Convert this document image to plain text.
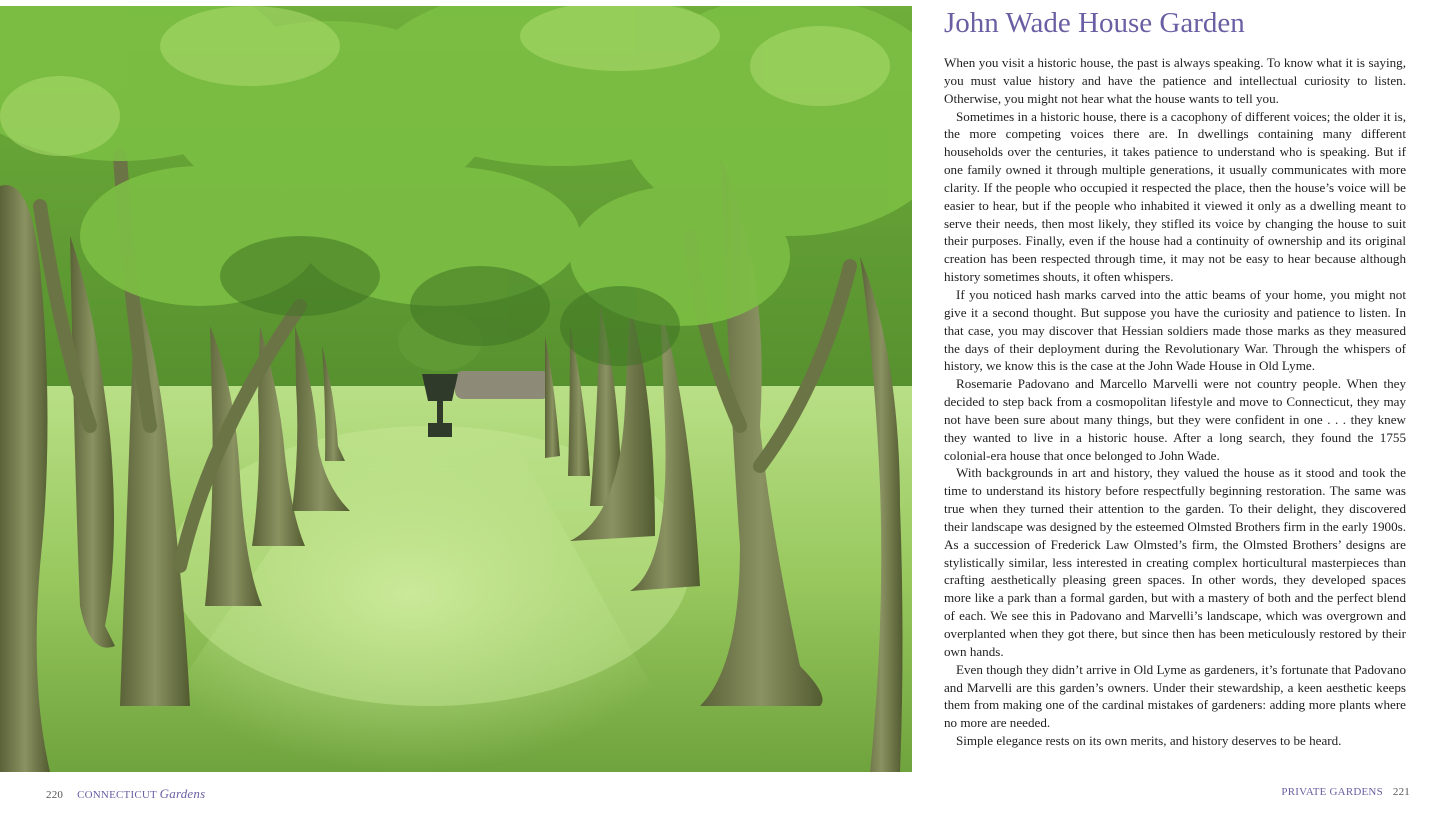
John Wade House Garden

When you visit a historic house, the past is always speaking. To know what it is saying, you must value history and have the patience and intellectual curiosity to listen. Otherwise, you might not hear what the house wants to tell you.

Sometimes in a historic house, there is a cacophony of different voices; the older it is, the more competing voices there are. In dwellings containing many different households over the centuries, it takes patience to understand who is speaking. But if one family owned it through multiple generations, it usually communicates with more clarity. If the people who occupied it respected the place, then the house’s voice will be easier to hear, but if the people who inhabited it viewed it only as a dwelling meant to serve their needs, then most likely, they stifled its voice by changing the house to suit their purposes. Finally, even if the house had a continuity of ownership and its original creation has been respected through time, it may not be easy to hear because although history sometimes shouts, it often whispers.

If you noticed hash marks carved into the attic beams of your home, you might not give it a second thought. But suppose you have the curiosity and patience to listen. In that case, you may discover that Hessian soldiers made those marks as they measured the days of their deployment during the Revolutionary War. Through the whispers of history, we know this is the case at the John Wade House in Old Lyme.

Rosemarie Padovano and Marcello Marvelli were not country people. When they decided to step back from a cosmopolitan lifestyle and move to Connecticut, they may not have been sure about many things, but they were confident in one . . . they knew they wanted to live in a historic house. After a long search, they found the 1755 colonial-era house that once belonged to John Wade.

With backgrounds in art and history, they valued the house as it stood and took the time to understand its history before respectfully beginning restoration. The same was true when they turned their attention to the garden. To their delight, they discovered their landscape was designed by the esteemed Olmsted Brothers firm in the early 1900s. As a succession of Frederick Law Olmsted’s firm, the Olmsted Brothers’ designs are stylistically similar, less interested in creating complex horticultural masterpieces than crafting aesthetically pleasing green spaces. In other words, they developed spaces more like a park than a formal garden, but with a mastery of both and the perfect blend of each. We see this in Padovano and Marvelli’s landscape, which was overgrown and overplanted when they got there, but since then has been meticulously restored by their own hands.

Even though they didn’t arrive in Old Lyme as gardeners, it’s fortunate that Padovano and Marvelli are this garden’s owners. Under their stewardship, a keen aesthetic keeps them from making one of the cardinal mistakes of gardeners: adding more plants where no more are needed.

Simple elegance rests on its own merits, and history deserves to be heard.

220 CONNECTICUT Gardens	PRIVATE GARDENS 221
